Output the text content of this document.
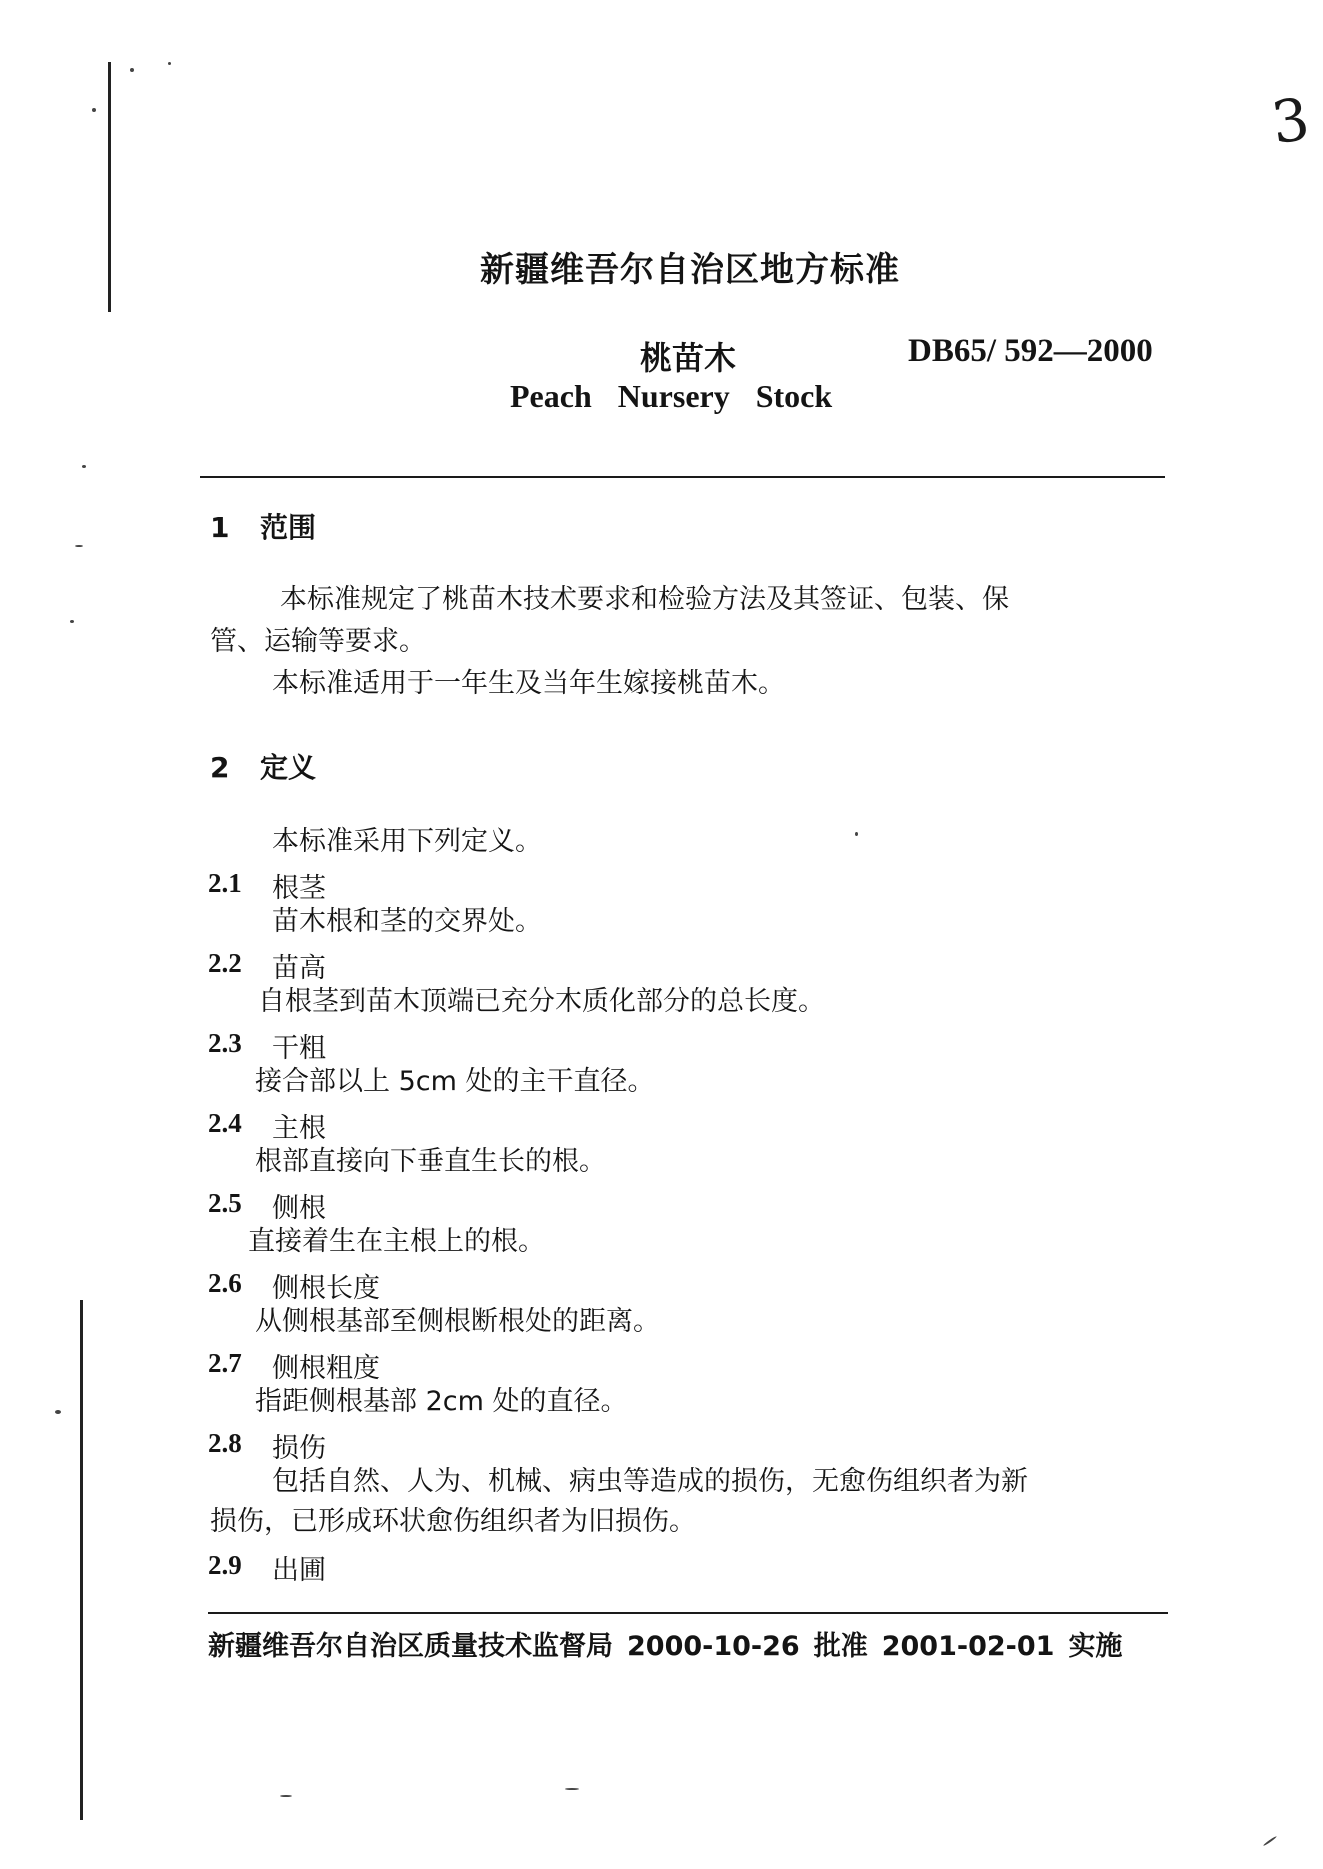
3
新疆维吾尔自治区地方标准
桃苗木	DB65/ 592—2000
Peach Nursery Stock
1 范围
本标准规定了桃苗木技术要求和检验方法及其签证、包装、保
管、运输等要求。
本标准适用于一年生及当年生嫁接桃苗木。
2 定义
本标准采用下列定义。
2.1 根茎
苗木根和茎的交界处。
2.2 苗高
自根茎到苗木顶端已充分木质化部分的总长度。
2.3 干粗
接合部以上 5cm 处的主干直径。
2.4 主根
根部直接向下垂直生长的根。
2.5 侧根
直接着生在主根上的根。
2.6 侧根长度
从侧根基部至侧根断根处的距离。
2.7 侧根粗度
指距侧根基部 2cm 处的直径。
2.8 损伤
包括自然、人为、机械、病虫等造成的损伤，无愈伤组织者为新
损伤，已形成环状愈伤组织者为旧损伤。
2.9 出圃
新疆维吾尔自治区质量技术监督局 2000-10-26 批准 2001-02-01 实施
